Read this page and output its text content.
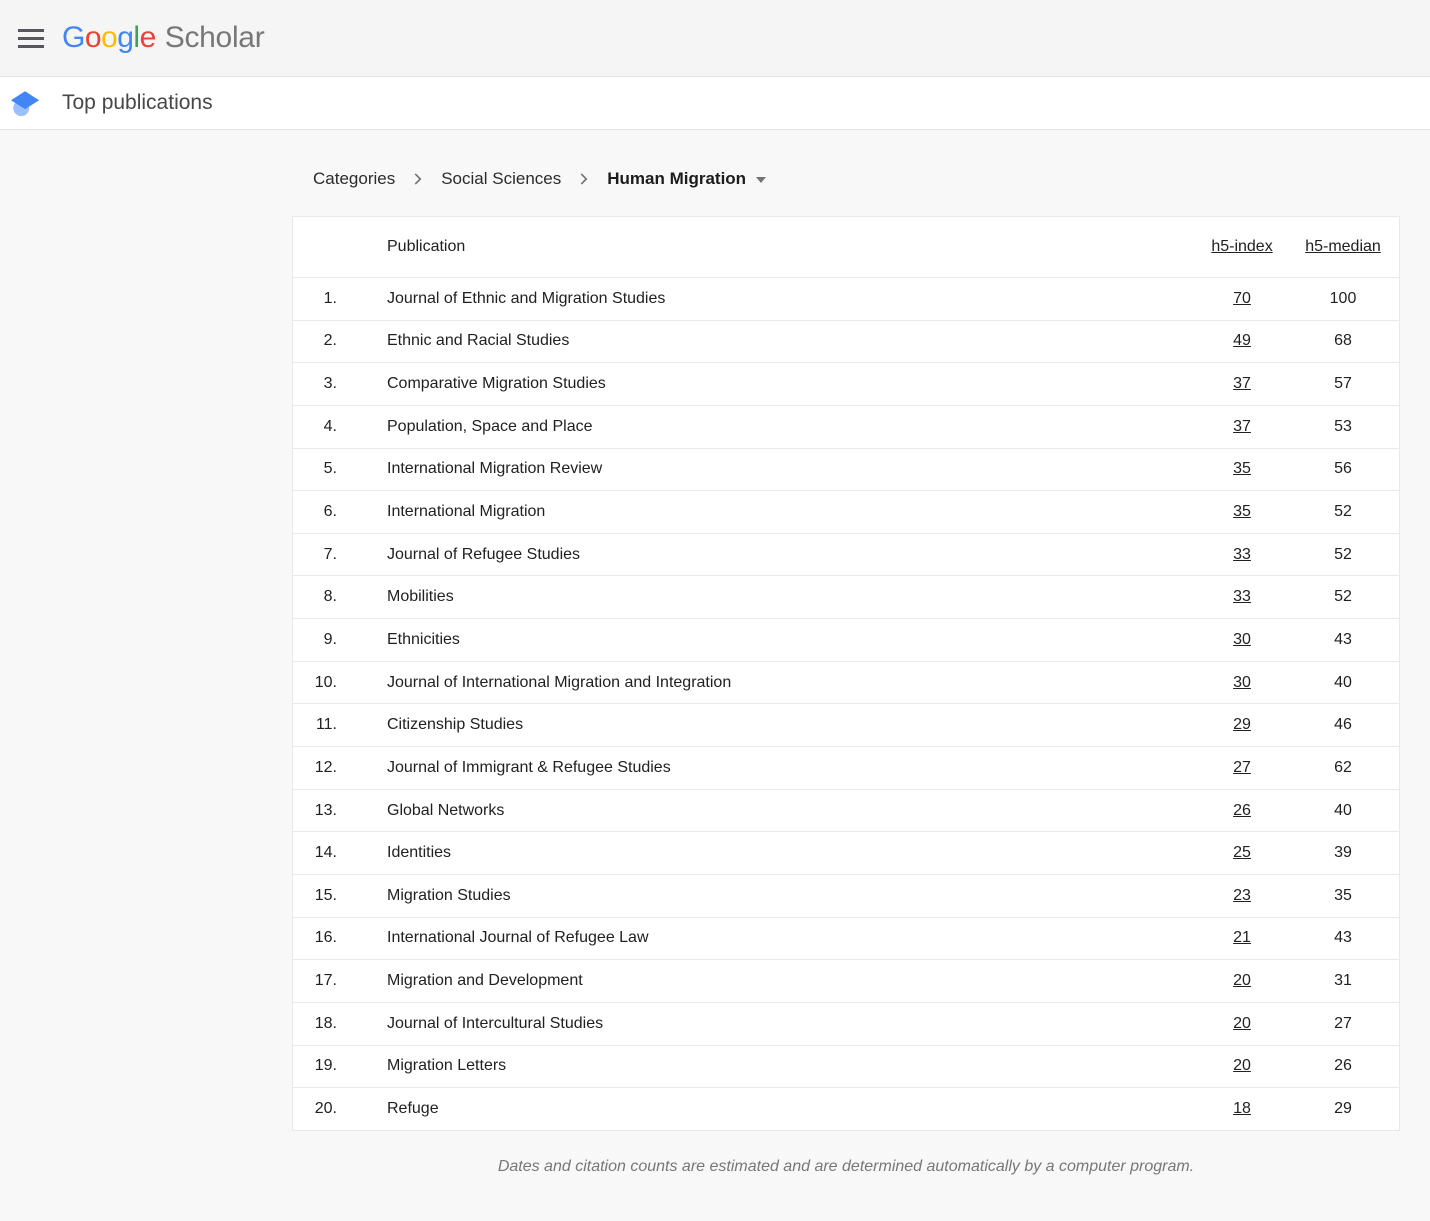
Google Scholar
Top publications
Categories	Social Sciences	Human Migration
Publication	h5-index	h5-median
1.	Journal of Ethnic and Migration Studies	70	100
2.	Ethnic and Racial Studies	49	68
3.	Comparative Migration Studies	37	57
4.	Population, Space and Place	37	53
5.	International Migration Review	35	56
6.	International Migration	35	52
7.	Journal of Refugee Studies	33	52
8.	Mobilities	33	52
9.	Ethnicities	30	43
10.	Journal of International Migration and Integration	30	40
11.	Citizenship Studies	29	46
12.	Journal of Immigrant & Refugee Studies	27	62
13.	Global Networks	26	40
14.	Identities	25	39
15.	Migration Studies	23	35
16.	International Journal of Refugee Law	21	43
17.	Migration and Development	20	31
18.	Journal of Intercultural Studies	20	27
19.	Migration Letters	20	26
20.	Refuge	18	29

Dates and citation counts are estimated and are determined automatically by a computer program.
